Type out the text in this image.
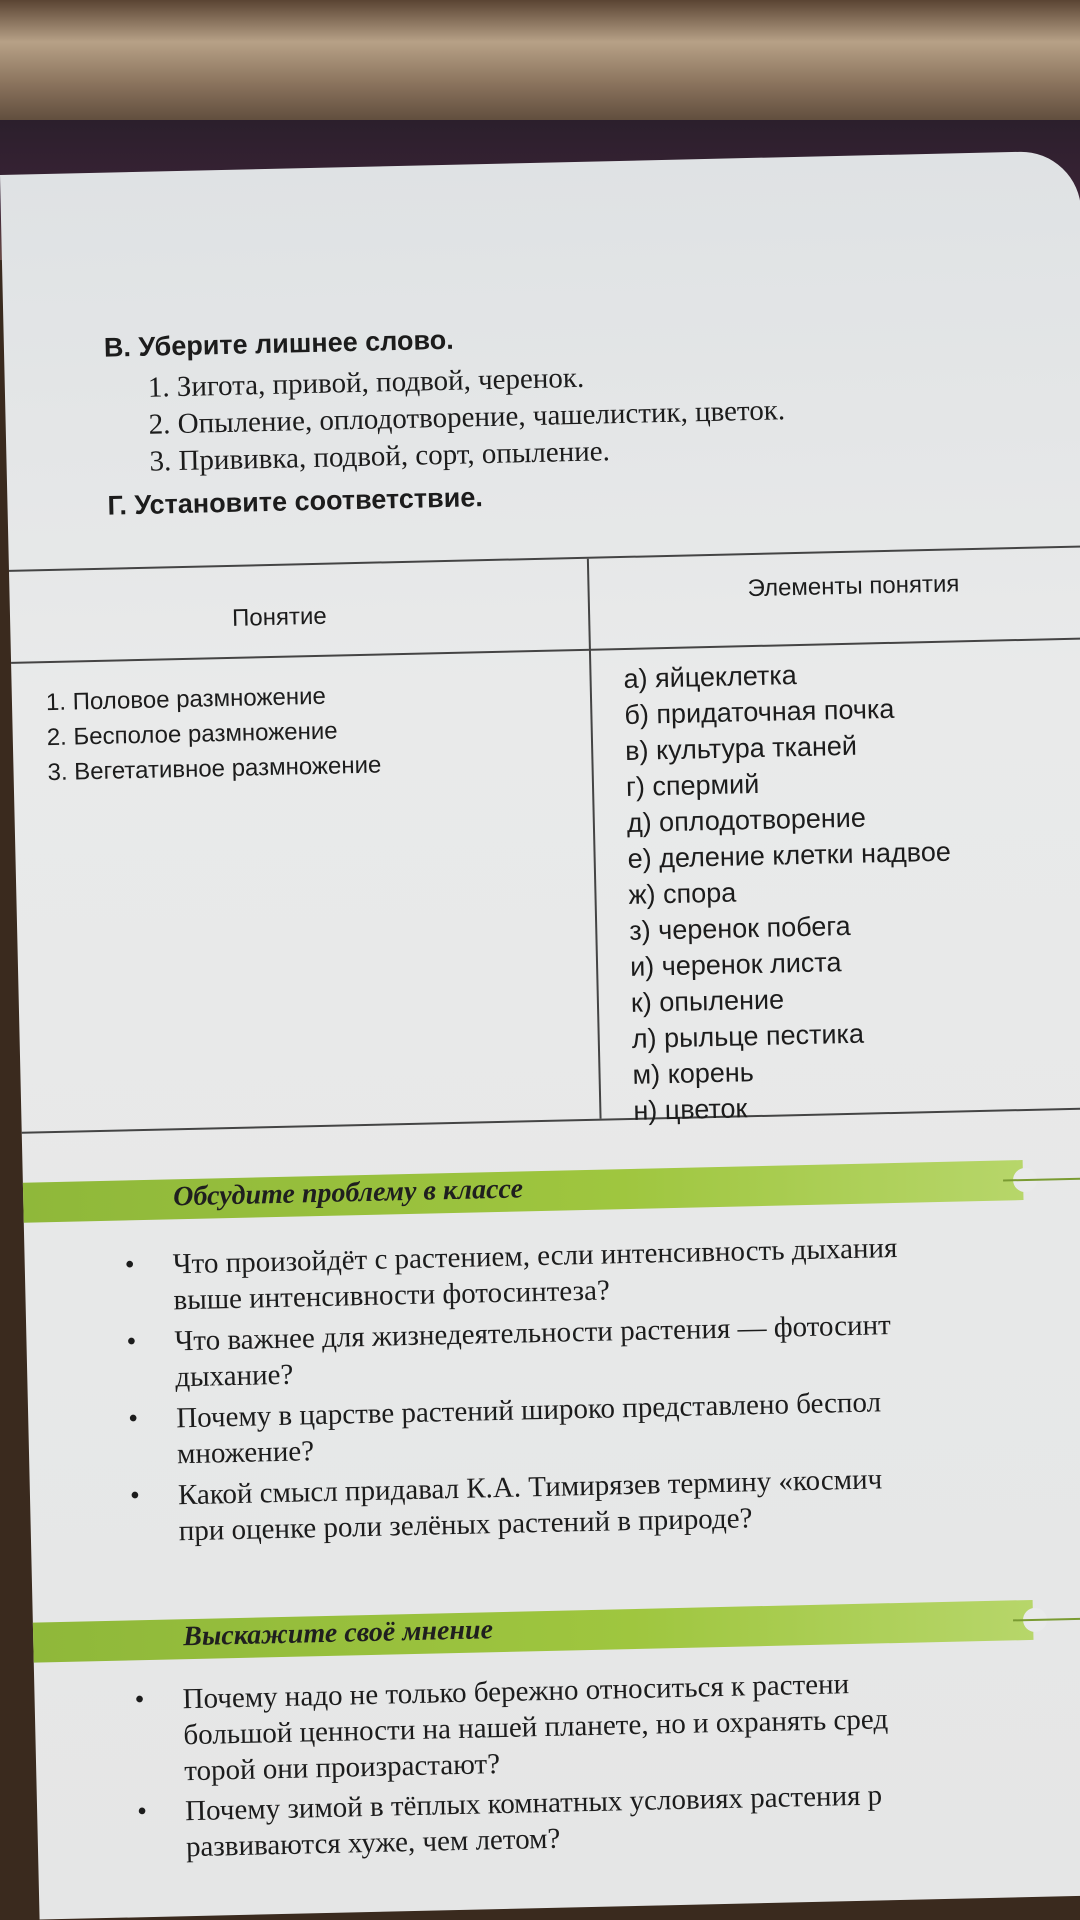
В. Уберите лишнее слово.
1. Зигота, привой, подвой, черенок.
2. Опыление, оплодотворение, чашелистик, цветок.
3. Прививка, подвой, сорт, опыление.
Г. Установите соответствие.
Понятие
Элементы понятия
1. Половое размножение
2. Бесполое размножение
3. Вегетативное размножение
а) яйцеклетка
б) придаточная почка
в) культура тканей
г) спермий
д) оплодотворение
е) деление клетки надвое
ж) спора
з) черенок побега
и) черенок листа
к) опыление
л) рыльце пестика
м) корень
н) цветок
Обсудите проблему в классе
• Что произойдёт с растением, если интенсивность дыхания
выше интенсивности фотосинтеза?
• Что важнее для жизнедеятельности растения — фотосинт
дыхание?
• Почему в царстве растений широко представлено беспол
множение?
• Какой смысл придавал К.А. Тимирязев термину «космич
при оценке роли зелёных растений в природе?
Выскажите своё мнение
• Почему надо не только бережно относиться к растени
большой ценности на нашей планете, но и охранять сред
торой они произрастают?
• Почему зимой в тёплых комнатных условиях растения р
развиваются хуже, чем летом?
